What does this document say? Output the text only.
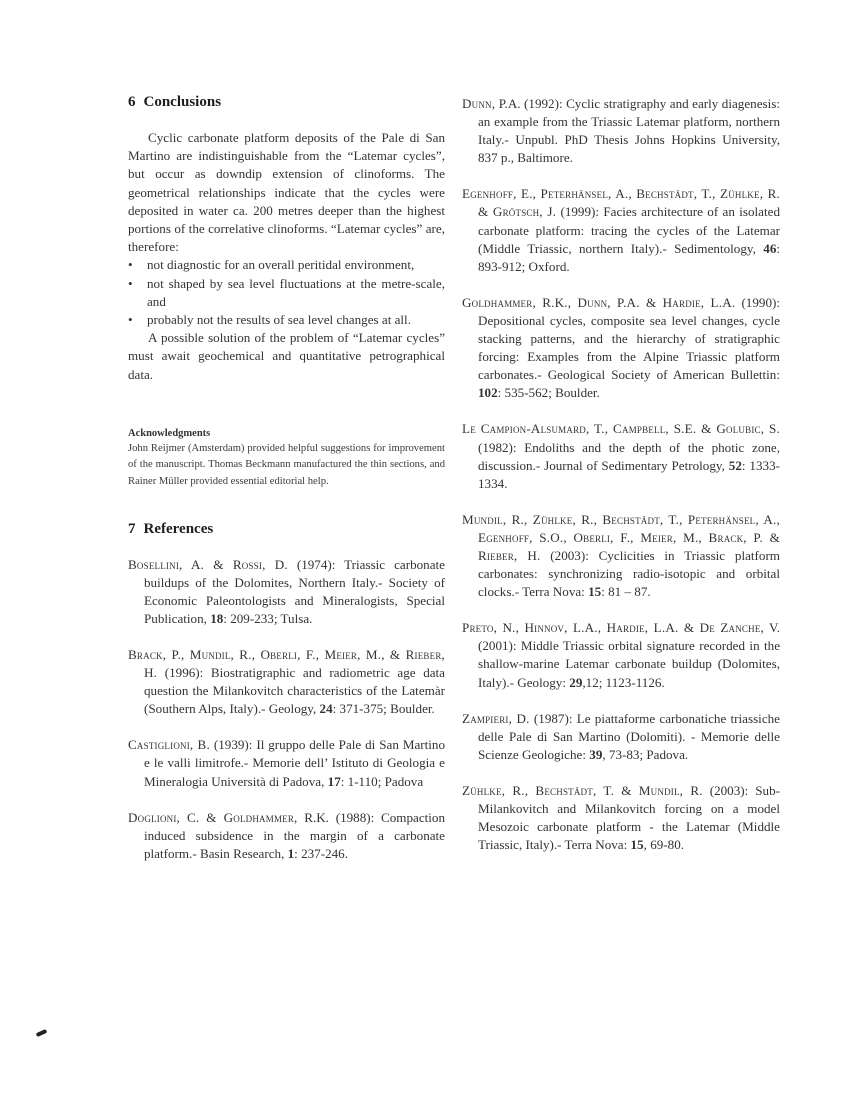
6 Conclusions

Cyclic carbonate platform deposits of the Pale di San Martino are indistinguishable from the “Latemar cycles”, but occur as downdip extension of clinoforms. The geometrical relationships indicate that the cycles were deposited in water ca. 200 metres deeper than the highest portions of the correlative clinoforms. “Latemar cycles” are, therefore:

• not diagnostic for an overall peritidal environment,
• not shaped by sea level fluctuations at the metre-scale, and
• probably not the results of sea level changes at all.

A possible solution of the problem of “Latemar cycles” must await geochemical and quantitative petrographical data.

Acknowledgments

John Reijmer (Amsterdam) provided helpful suggestions for improvement of the manuscript. Thomas Beckmann manufactured the thin sections, and Rainer Müller provided essential editorial help.

7 References

Bosellini, A. & Rossi, D. (1974): Triassic carbonate buildups of the Dolomites, Northern Italy.- Society of Economic Paleontologists and Mineralogists, Special Publication, 18: 209-233; Tulsa.

Brack, P., Mundil, R., Oberli, F., Meier, M., & Rieber, H. (1996): Biostratigraphic and radiometric age data question the Milankovitch characteristics of the Latemàr (Southern Alps, Italy).- Geology, 24: 371-375; Boulder.

Castiglioni, B. (1939): Il gruppo delle Pale di San Martino e le valli limitrofe.- Memorie dell’ Istituto di Geologia e Mineralogia Università di Padova, 17: 1-110; Padova

Doglioni, C. & Goldhammer, R.K. (1988): Compaction induced subsidence in the margin of a carbonate platform.- Basin Research, 1: 237-246.

Dunn, P.A. (1992): Cyclic stratigraphy and early diagenesis: an example from the Triassic Latemar platform, northern Italy.- Unpubl. PhD Thesis Johns Hopkins University, 837 p., Baltimore.

Egenhoff, E., Peterhänsel, A., Bechstädt, T., Zühlke, R. & Grötsch, J. (1999): Facies architecture of an isolated carbonate platform: tracing the cycles of the Latemar (Middle Triassic, northern Italy).- Sedimentology, 46: 893-912; Oxford.

Goldhammer, R.K., Dunn, P.A. & Hardie, L.A. (1990): Depositional cycles, composite sea level changes, cycle stacking patterns, and the hierarchy of stratigraphic forcing: Examples from the Alpine Triassic platform carbonates.- Geological Society of American Bullettin: 102: 535-562; Boulder.

Le Campion-Alsumard, T., Campbell, S.E. & Golubic, S. (1982): Endoliths and the depth of the photic zone, discussion.- Journal of Sedimentary Petrology, 52: 1333-1334.

Mundil, R., Zühlke, R., Bechstädt, T., Peterhänsel, A., Egenhoff, S.O., Oberli, F., Meier, M., Brack, P. & Rieber, H. (2003): Cyclicities in Triassic platform carbonates: synchronizing radio-isotopic and orbital clocks.- Terra Nova: 15: 81 – 87.

Preto, N., Hinnov, L.A., Hardie, L.A. & De Zanche, V. (2001): Middle Triassic orbital signature recorded in the shallow-marine Latemar carbonate buildup (Dolomites, Italy).- Geology: 29,12; 1123-1126.

Zampieri, D. (1987): Le piattaforme carbonatiche triassiche delle Pale di San Martino (Dolomiti). - Memorie delle Scienze Geologiche: 39, 73-83; Padova.

Zühlke, R., Bechstädt, T. & Mundil, R. (2003): Sub-Milankovitch and Milankovitch forcing on a model Mesozoic carbonate platform - the Latemar (Middle Triassic, Italy).- Terra Nova: 15, 69-80.
